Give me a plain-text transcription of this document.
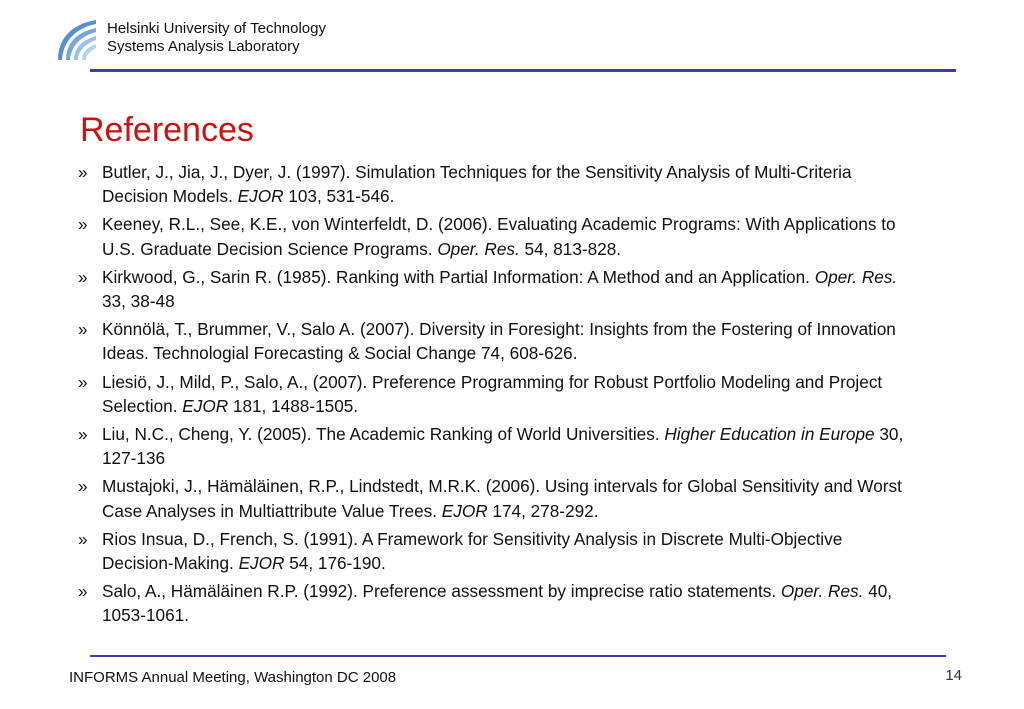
Helsinki University of Technology
Systems Analysis Laboratory
References
» Butler, J., Jia, J., Dyer, J. (1997). Simulation Techniques for the Sensitivity Analysis of Multi-Criteria Decision Models. EJOR 103, 531-546.
» Keeney, R.L., See, K.E., von Winterfeldt, D. (2006). Evaluating Academic Programs: With Applications to U.S. Graduate Decision Science Programs. Oper. Res. 54, 813-828.
» Kirkwood, G., Sarin R. (1985). Ranking with Partial Information: A Method and an Application. Oper. Res. 33, 38-48
» Könnölä, T., Brummer, V., Salo A. (2007). Diversity in Foresight: Insights from the Fostering of Innovation Ideas. Technologial Forecasting & Social Change 74, 608-626.
» Liesiö, J., Mild, P., Salo, A., (2007). Preference Programming for Robust Portfolio Modeling and Project Selection. EJOR 181, 1488-1505.
» Liu, N.C., Cheng, Y. (2005). The Academic Ranking of World Universities. Higher Education in Europe 30, 127-136
» Mustajoki, J., Hämäläinen, R.P., Lindstedt, M.R.K. (2006). Using intervals for Global Sensitivity and Worst Case Analyses in Multiattribute Value Trees. EJOR 174, 278-292.
» Rios Insua, D., French, S. (1991). A Framework for Sensitivity Analysis in Discrete Multi-Objective Decision-Making. EJOR 54, 176-190.
» Salo, A., Hämäläinen R.P. (1992). Preference assessment by imprecise ratio statements. Oper. Res. 40, 1053-1061.
INFORMS Annual Meeting, Washington DC 2008	14
